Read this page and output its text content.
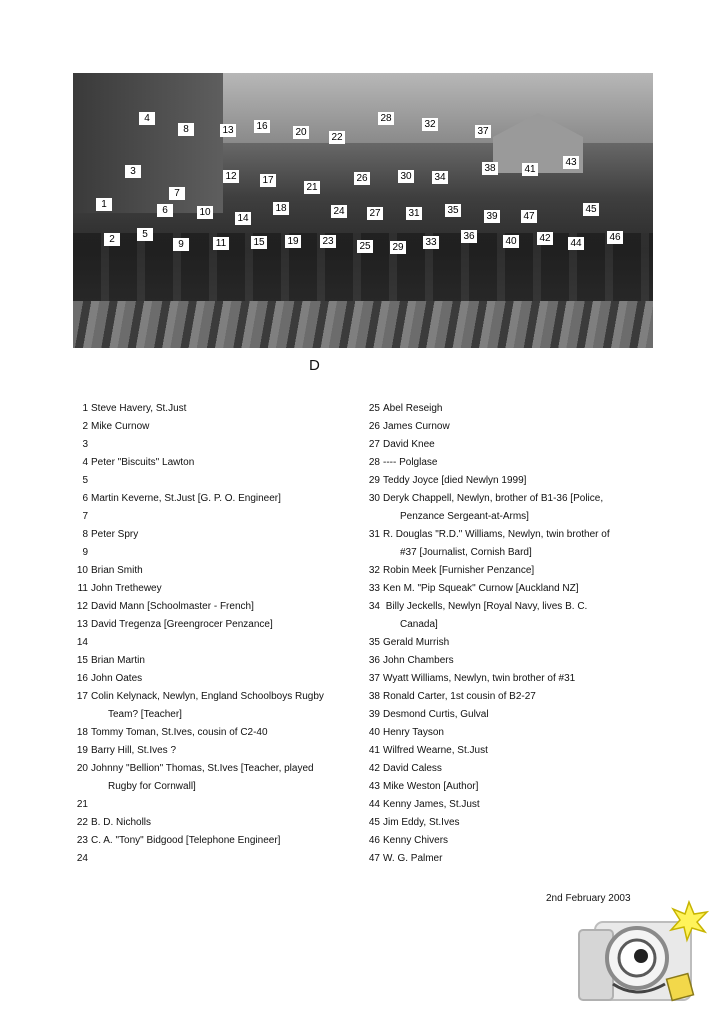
4
8	13 16
20 22
28
32
37
3	12	17
21
26	30 34
38	41
43
7
1
6	10
14
18	24 27	31	35
39	47
45
2	5
9	11	15 19 23	25 29 33
36	40 42 44
46
D
1 Steve Havery, St.Just
2 Mike Curnow
3
4 Peter "Biscuits" Lawton
5
6 Martin Keverne, St.Just [G. P. O. Engineer]
7
8 Peter Spry
9
10 Brian Smith
11 John Trethewey
12 David Mann [Schoolmaster - French]
13 David Tregenza [Greengrocer Penzance]
14
15 Brian Martin
16 John Oates
17 Colin Kelynack, Newlyn, England Schoolboys Rugby
Team? [Teacher]
18 Tommy Toman, St.Ives, cousin of C2-40
19 Barry Hill, St.Ives ?
20 Johnny "Bellion" Thomas, St.Ives [Teacher, played
Rugby for Cornwall]
21
22 B. D. Nicholls
23 C. A. "Tony" Bidgood [Telephone Engineer]
24
25 Abel Reseigh
26 James Curnow
27 David Knee
28 ---- Polglase
29 Teddy Joyce [died Newlyn 1999]
30 Deryk Chappell, Newlyn, brother of B1-36 [Police,
Penzance Sergeant-at-Arms]
31 R. Douglas "R.D." Williams, Newlyn, twin brother of
#37 [Journalist, Cornish Bard]
32 Robin Meek [Furnisher Penzance]
33 Ken M. "Pip Squeak" Curnow [Auckland NZ]
34 Billy Jeckells, Newlyn [Royal Navy, lives B. C.
Canada]
35 Gerald Murrish
36 John Chambers
37 Wyatt Williams, Newlyn, twin brother of #31
38 Ronald Carter, 1st cousin of B2-27
39 Desmond Curtis, Gulval
40 Henry Tayson
41 Wilfred Wearne, St.Just
42 David Caless
43 Mike Weston [Author]
44 Kenny James, St.Just
45 Jim Eddy, St.Ives
46 Kenny Chivers
47 W. G. Palmer
2nd February 2003
